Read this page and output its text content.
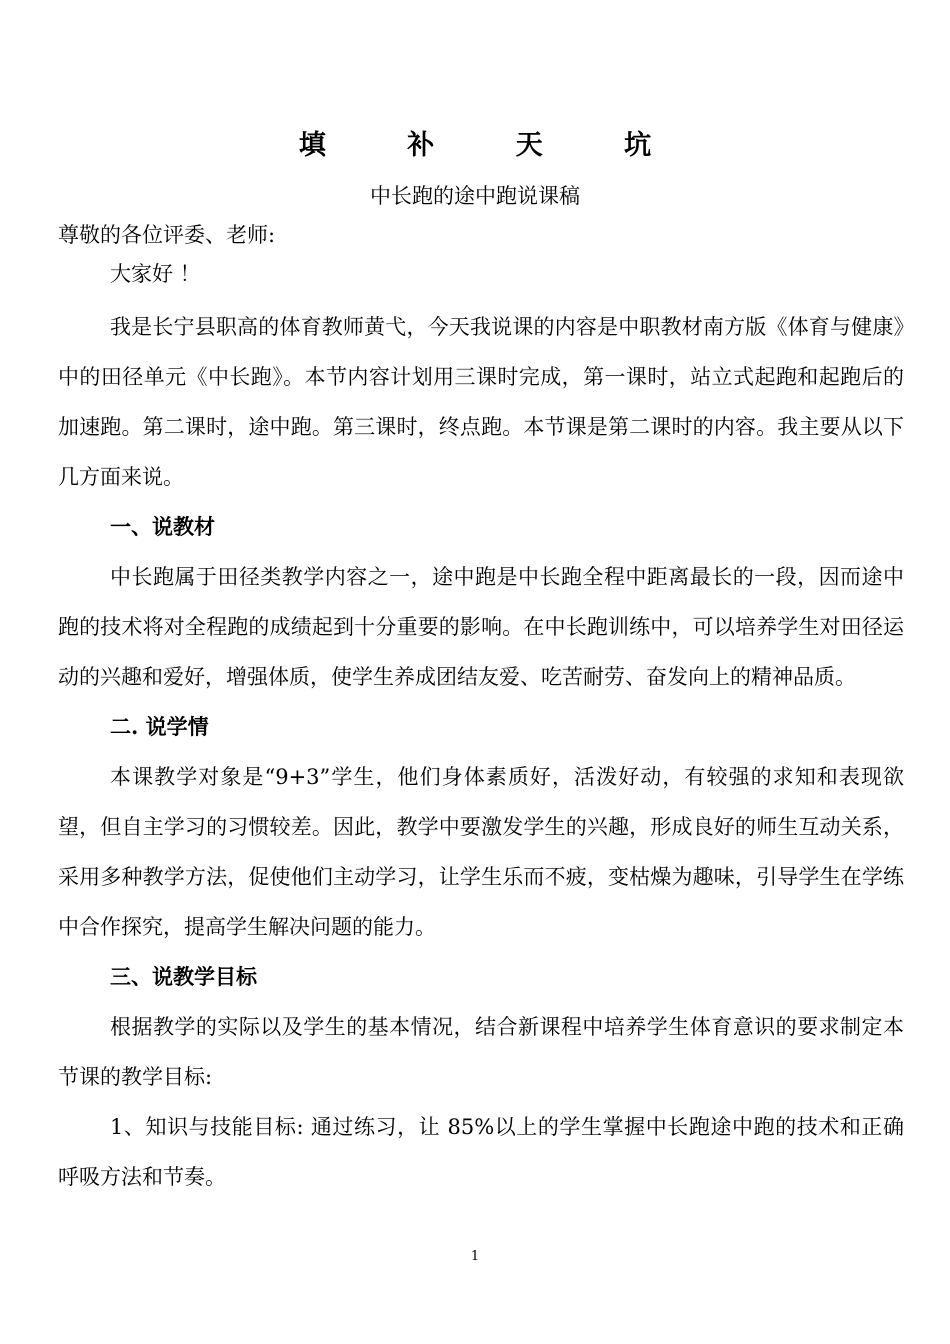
填 补 天 坑
中长跑的途中跑说课稿

尊敬的各位评委、老师:

大家好 ！

我是长宁县职高的体育教师黄弋，今天我说课的内容是中职教材南方版《体育与健康》中的田径单元《中长跑》。本节内容计划用三课时完成，第一课时，站立式起跑和起跑后的加速跑。第二课时，途中跑。第三课时，终点跑。本节课是第二课时的内容。我主要从以下几方面来说。

一、说教材

中长跑属于田径类教学内容之一，途中跑是中长跑全程中距离最长的一段，因而途中跑的技术将对全程跑的成绩起到十分重要的影响。在中长跑训练中，可以培养学生对田径运动的兴趣和爱好，增强体质，使学生养成团结友爱、吃苦耐劳、奋发向上的精神品质。

二. 说学情

本课教学对象是“9+3”学生，他们身体素质好，活泼好动，有较强的求知和表现欲望，但自主学习的习惯较差。因此，教学中要激发学生的兴趣，形成良好的师生互动关系，采用多种教学方法，促使他们主动学习，让学生乐而不疲，变枯燥为趣味，引导学生在学练中合作探究，提高学生解决问题的能力。

三、说教学目标

根据教学的实际以及学生的基本情况，结合新课程中培养学生体育意识的要求制定本节课的教学目标:

1、知识与技能目标: 通过练习，让 85%以上的学生掌握中长跑途中跑的技术和正确呼吸方法和节奏。

1
